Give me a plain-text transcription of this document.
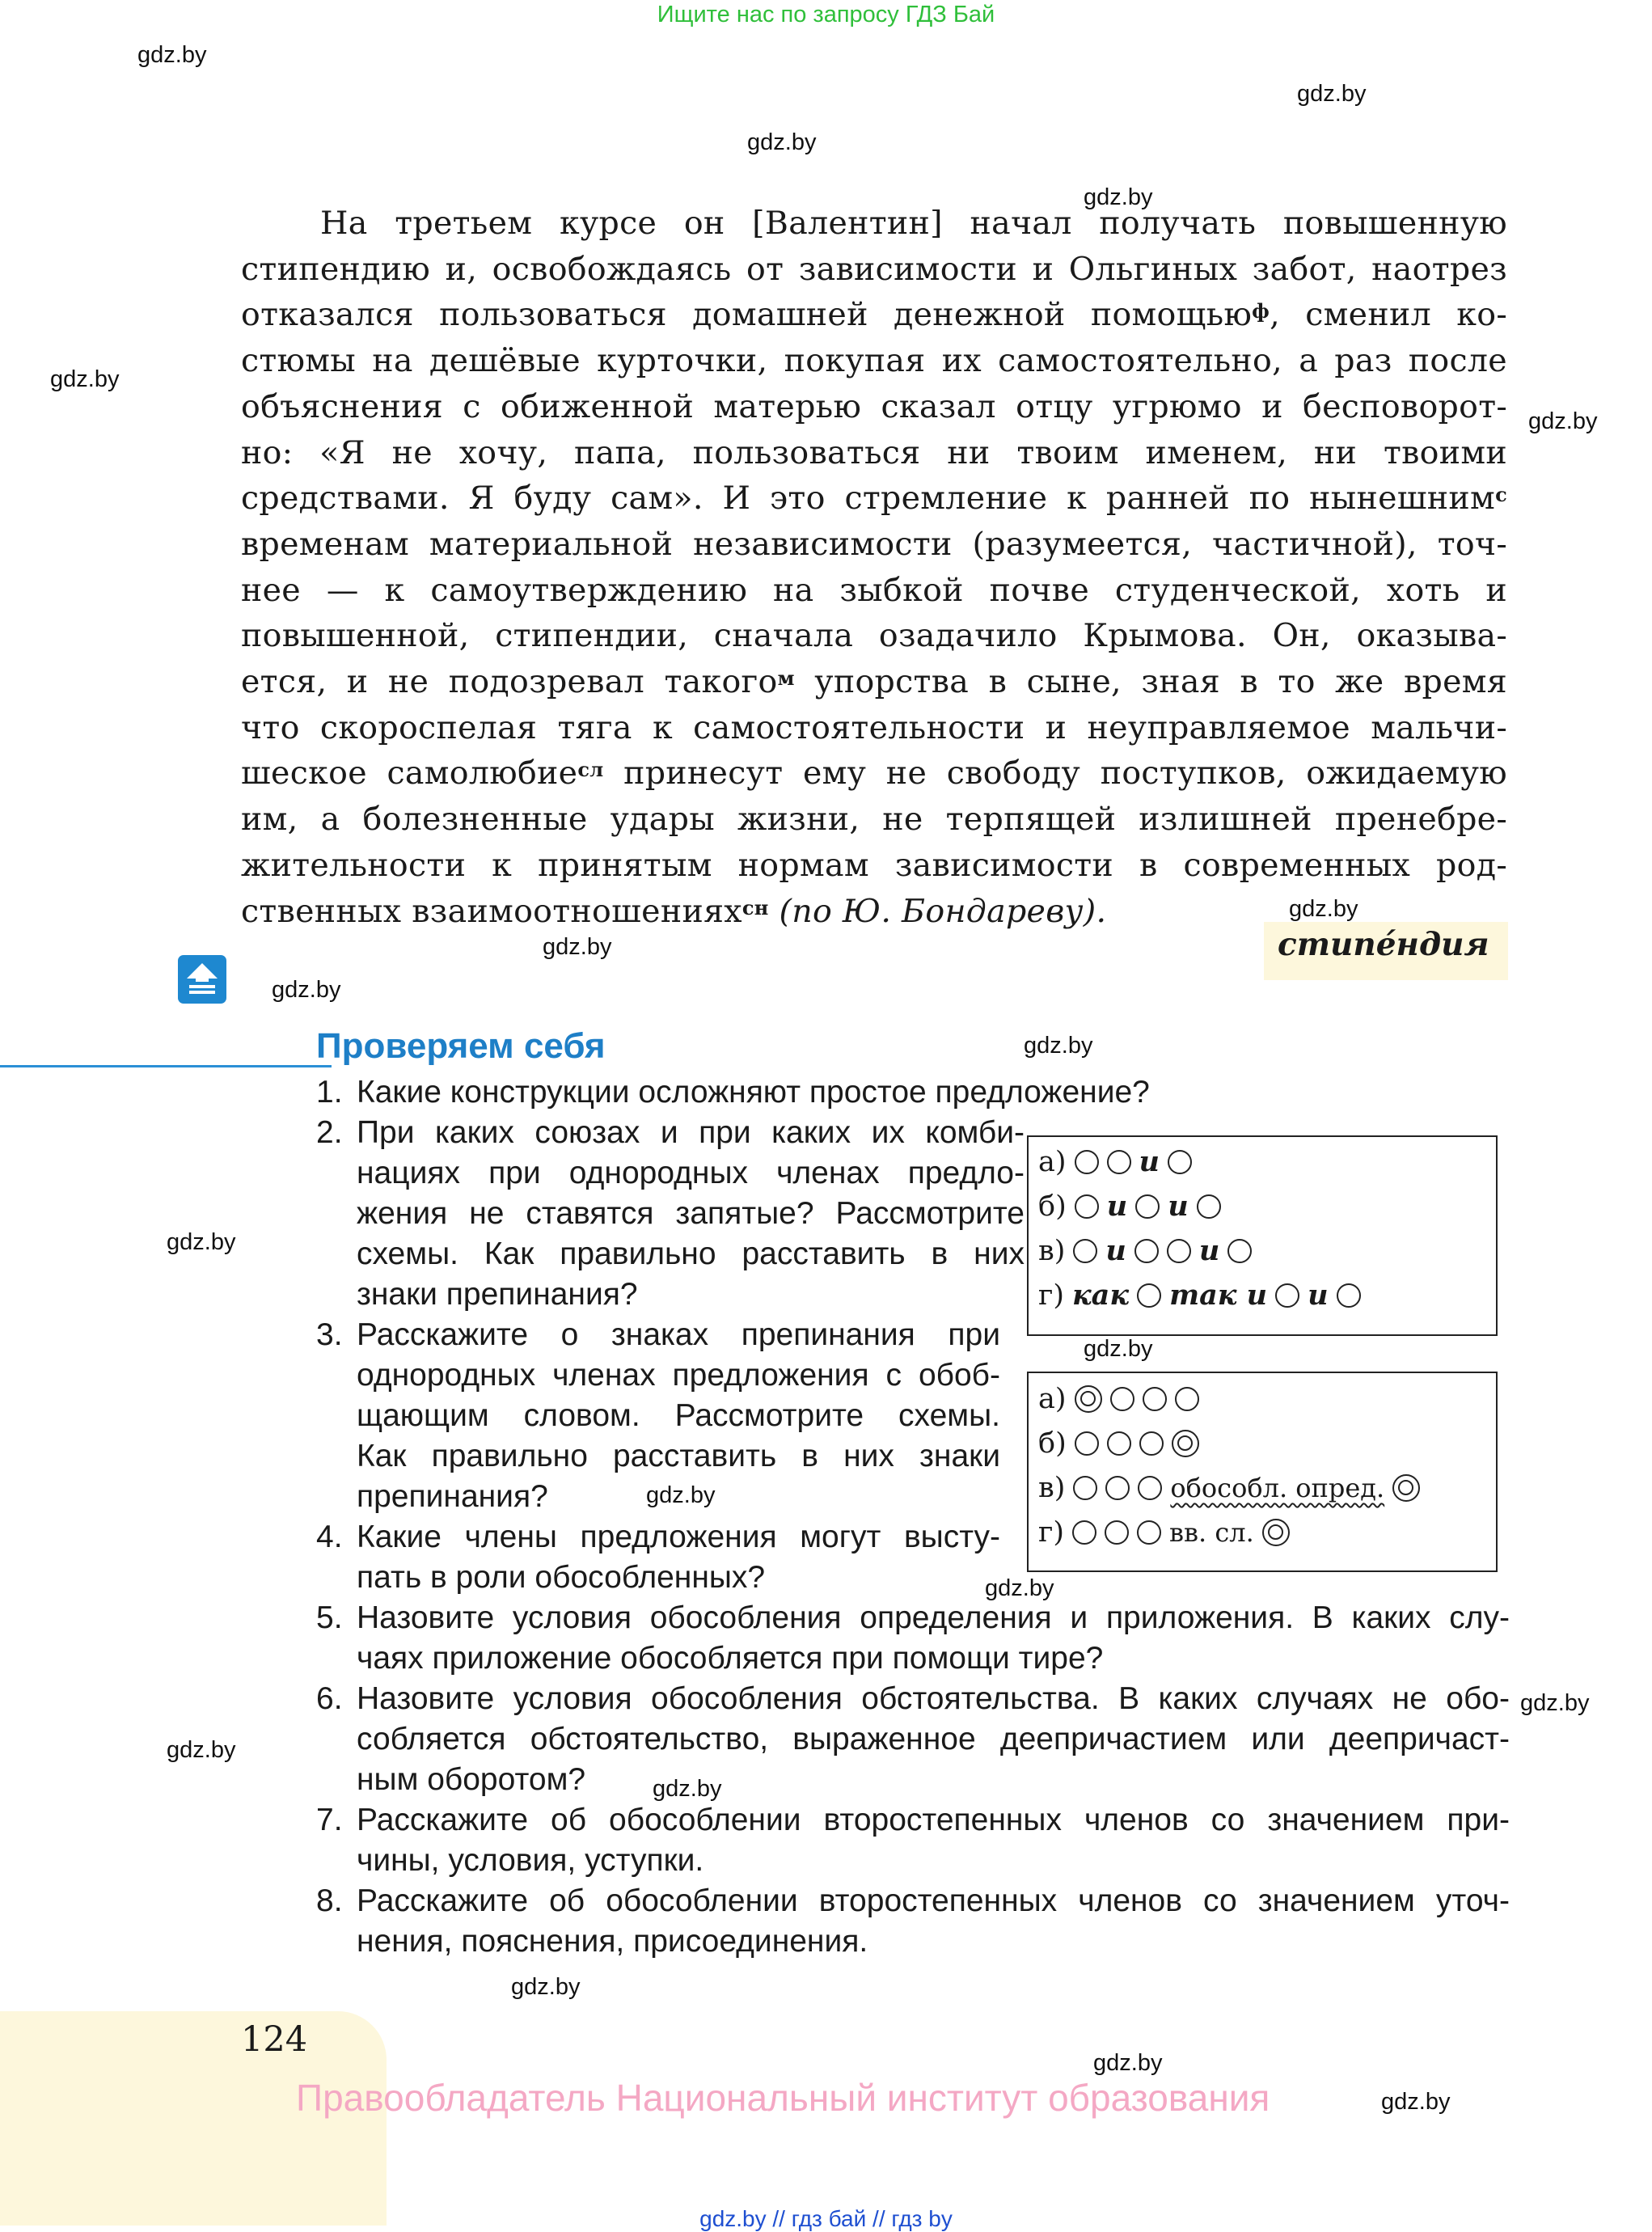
Ищите нас по запросу ГДЗ Бай
gdz.by
gdz.by
gdz.by
gdz.by
gdz.by
gdz.by
gdz.by
gdz.by
gdz.by
gdz.by
gdz.by
gdz.by
gdz.by
gdz.by
gdz.by
gdz.by
gdz.by
gdz.by
gdz.by
gdz.by
На третьем курсе он [Валентин] начал получать повышенную
стипендию и, освобождаясь от зависимости и Ольгиных забот, наотрез
отказался пользоваться домашней денежной помощью$^ф$, сменил ко-
стюмы на дешёвые курточки, покупая их самостоятельно, а раз после
объяснения с обиженной матерью сказал отцу угрюмо и бесповорот-
но: «Я не хочу, папа, пользоваться ни твоим именем, ни твоими
средствами. Я буду сам». И это стремление к ранней по нынешним$^с$
временам материальной независимости (разумеется, частичной), точ-
нее — к самоутверждению на зыбкой почве студенческой, хоть и
повышенной, стипендии, сначала озадачило Крымова. Он, оказыва-
ется, и не подозревал такого$^м$ упорства в сыне, зная в то же время
что скороспелая тяга к самостоятельности и неуправляемое мальчи-
шеское самолюбие$^{сл}$ принесут ему не свободу поступков, ожидаемую
им, а болезненные удары жизни, не терпящей излишней пренебре-
жительности к принятым нормам зависимости в современных род-
ственных взаимоотношениях$^{сн}$ (по Ю. Бондареву).
стипе́ндия
Проверяем себя
1. Какие конструкции осложняют простое предложение?
2. При каких союзах и при каких их комби-
нациях при однородных членах предло-
жения не ставятся запятые? Рассмотрите
схемы. Как правильно расставить в них
знаки препинания?
3. Расскажите о знаках препинания при
однородных членах предложения с обоб-
щающим словом. Рассмотрите схемы.
Как правильно расставить в них знаки
препинания?
4. Какие члены предложения могут высту-
пать в роли обособленных?
5. Назовите условия обособления определения и приложения. В каких слу-
чаях приложение обособляется при помощи тире?
6. Назовите условия обособления обстоятельства. В каких случаях не обо-
собляется обстоятельство, выраженное деепричастием или деепричаст-
ным оборотом?
7. Расскажите об обособлении второстепенных членов со значением при-
чины, условия, уступки.
8. Расскажите об обособлении второстепенных членов со значением уточ-
нения, пояснения, присоединения.
а)	и
б) и и
в) и	и
г) как так и и
а)
б)
в)	обособл. опред.
г)	вв. сл.
124
Правообладатель Национальный институт образования
gdz.by // гдз бай // гдз by
